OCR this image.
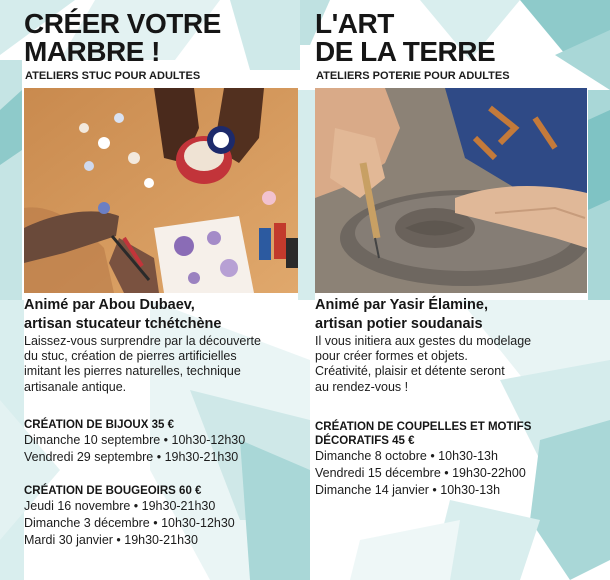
CRÉER VOTRE
MARBRE !
ATELIERS STUC POUR ADULTES
Animé par Abou Dubaev,
artisan stucateur tchétchène
Laissez-vous surprendre par la découverte
du stuc, création de pierres artificielles
imitant les pierres naturelles, technique
artisanale antique.
CRÉATION DE BIJOUX 35 €
Dimanche 10 septembre • 10h30-12h30
Vendredi 29 septembre • 19h30-21h30
CRÉATION DE BOUGEOIRS 60 €
Jeudi 16 novembre • 19h30-21h30
Dimanche 3 décembre • 10h30-12h30
Mardi 30 janvier • 19h30-21h30
L'ART
DE LA TERRE
ATELIERS POTERIE POUR ADULTES
Animé par Yasir Élamine,
artisan potier soudanais
Il vous initiera aux gestes du modelage
pour créer formes et objets.
Créativité, plaisir et détente seront
au rendez-vous !
CRÉATION DE COUPELLES ET MOTIFS
DÉCORATIFS 45 €
Dimanche 8 octobre • 10h30-13h
Vendredi 15 décembre • 19h30-22h00
Dimanche 14 janvier • 10h30-13h
